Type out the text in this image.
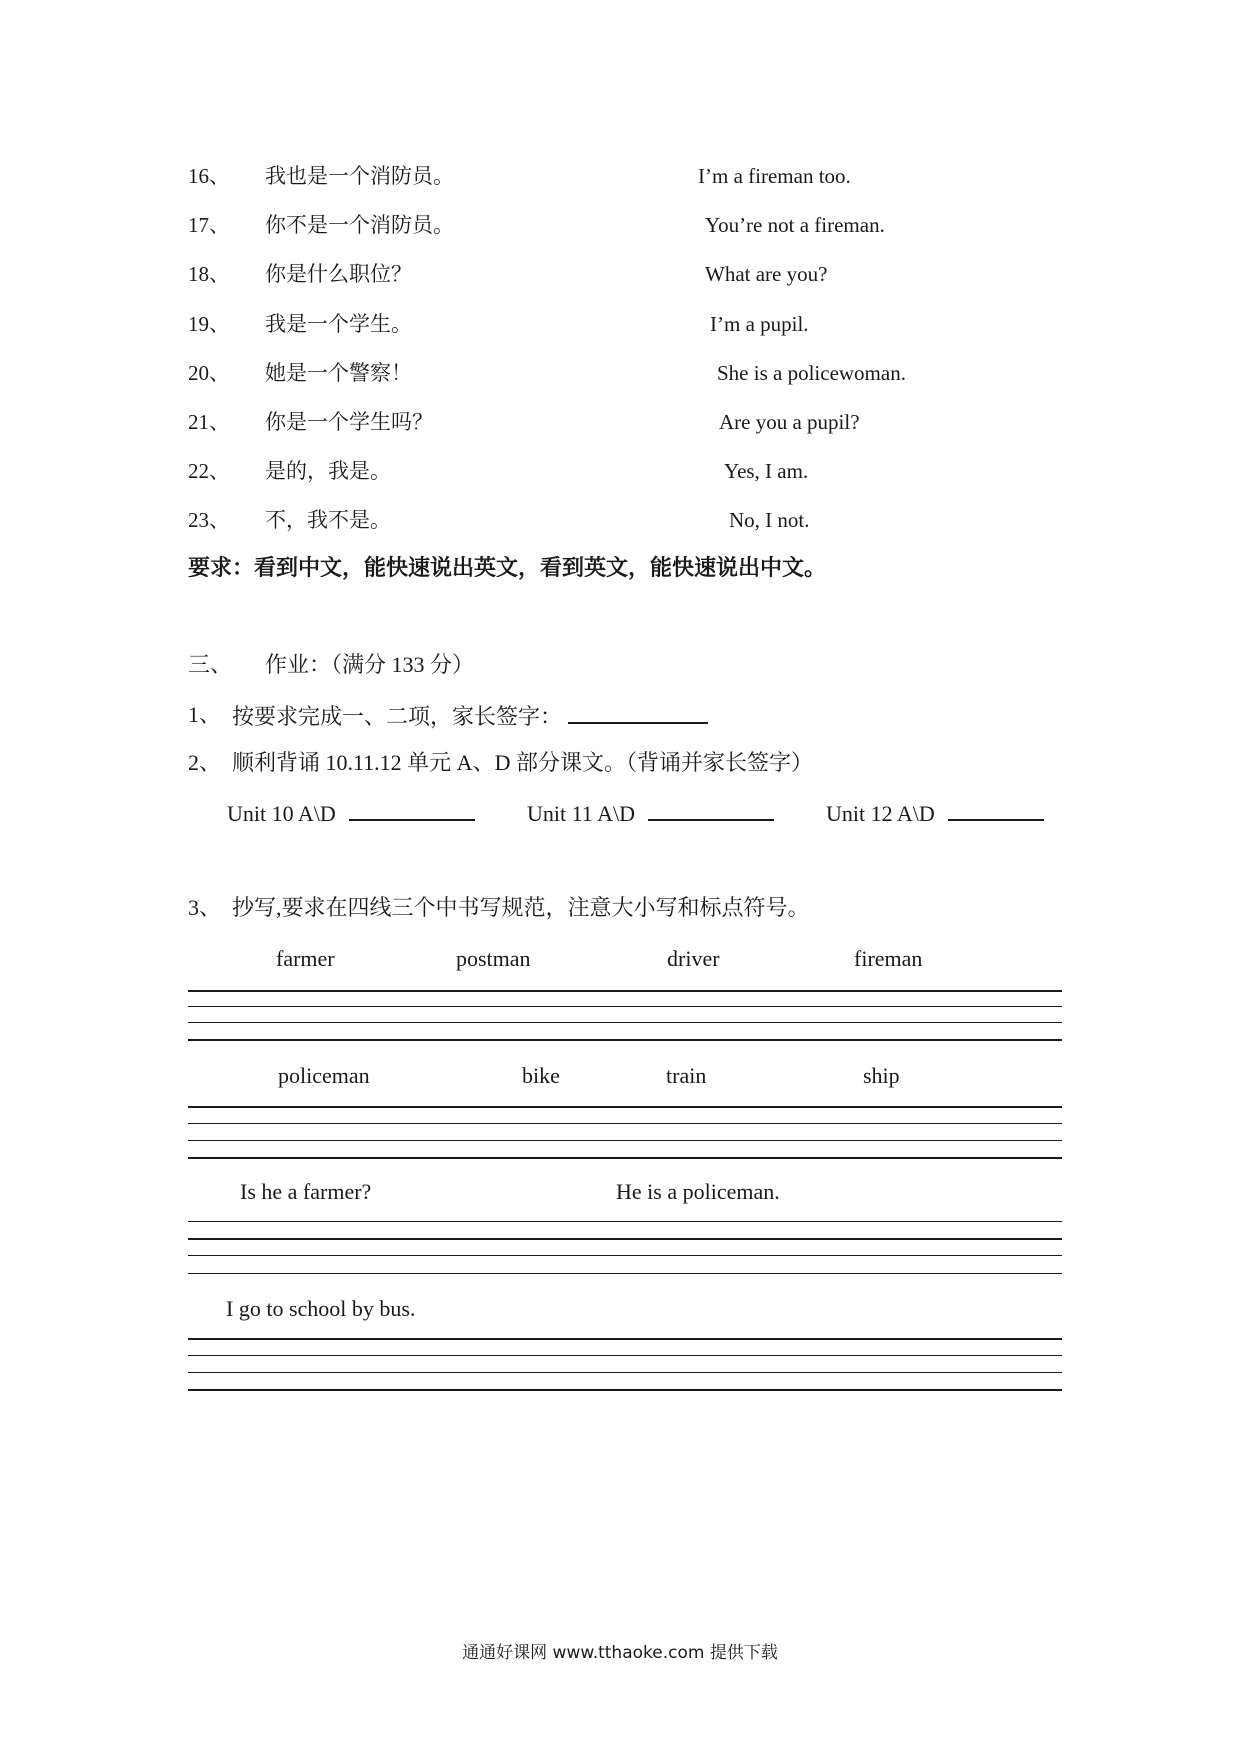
16、 我也是一个消防员。	I’m a fireman too.
17、 你不是一个消防员。	You’re not a fireman.
18、 你是什么职位？	What are you?
19、 我是一个学生。	I’m a pupil.
20、 她是一个警察！	She is a policewoman.
21、 你是一个学生吗？	Are you a pupil?
22、 是的，我是。	Yes, I am.
23、 不，我不是。	No, I not.
要求：看到中文，能快速说出英文，看到英文，能快速说出中文。
三、 作业：（满分 133 分）
1、 按要求完成一、二项，家长签字：
2、 顺利背诵 10.11.12 单元 A、D 部分课文。（背诵并家长签字）
Unit 10 A\D	Unit 11 A\D	Unit 12 A\D
3、 抄写,要求在四线三个中书写规范，注意大小写和标点符号。
farmer	postman	driver	fireman
policeman	bike	train	ship
Is he a farmer?	He is a policeman.
I go to school by bus.
通通好课网 www.tthaoke.com 提供下载
